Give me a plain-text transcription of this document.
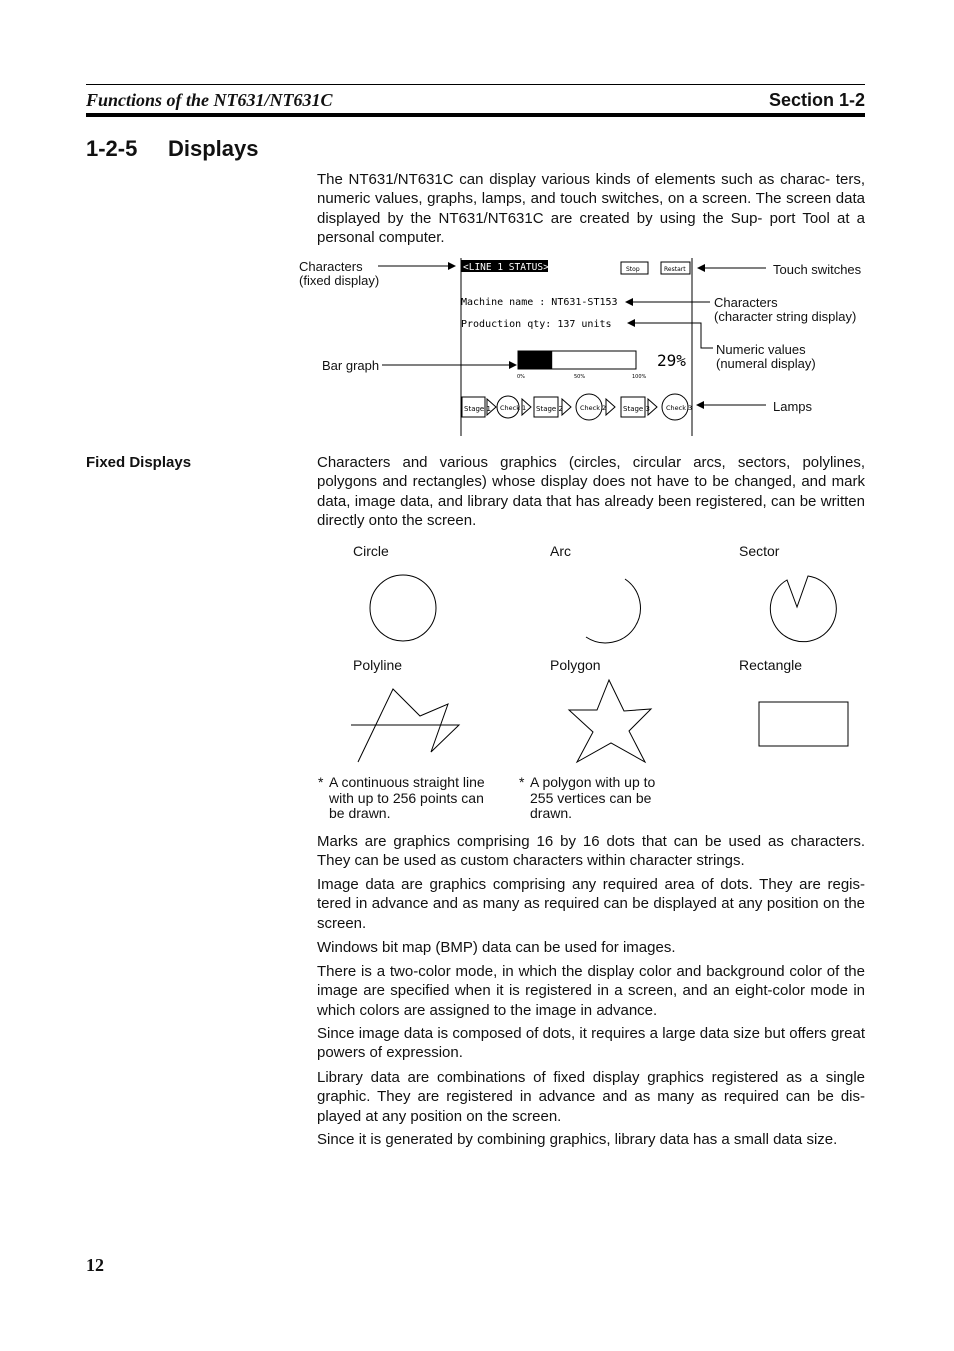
Functions of the NT631/NT631C	Section 1-2
1-2-5 Displays

The NT631/NT631C can display various kinds of elements such as charac- ters, numeric values, graphs, lamps, and touch switches, on a screen. The screen data displayed by the NT631/NT631C are created by using the Sup- port Tool at a personal computer.

Characters
(fixed display)
Touch switches
Characters
(character string display)
Numeric values
(numeral display)
Bar graph
Lamps
<LINE 1 STATUS>	Stop	Restart
Machine name : NT631-ST153
Production qty: 137 units
0%	50%	100%
29%
Stage 1 Check 1 Stage 2	Check 2 Stage 3 Check 3
Fixed Displays	Characters and various graphics (circles, circular arcs, sectors, polylines, polygons and rectangles) whose display does not have to be changed, and mark data, image data, and library data that has already been registered, can be written directly onto the screen.

Circle	Arc	Sector
Polyline	Polygon	Rectangle
* A continuous straight line
with up to 256 points can
be drawn.
* A polygon with up to
255 vertices can be
drawn.

Marks are graphics comprising 16 by 16 dots that can be used as characters. They can be used as custom characters within character strings.

Image data are graphics comprising any required area of dots. They are regis- tered in advance and as many as required can be displayed at any position on the screen.

Windows bit map (BMP) data can be used for images.

There is a two-color mode, in which the display color and background color of the image are specified when it is registered in a screen, and an eight-color mode in which colors are assigned to the image in advance.

Since image data is composed of dots, it requires a large data size but offers great powers of expression.

Library data are combinations of fixed display graphics registered as a single graphic. They are registered in advance and as many as required can be dis- played at any position on the screen.

Since it is generated by combining graphics, library data has a small data size.

12
